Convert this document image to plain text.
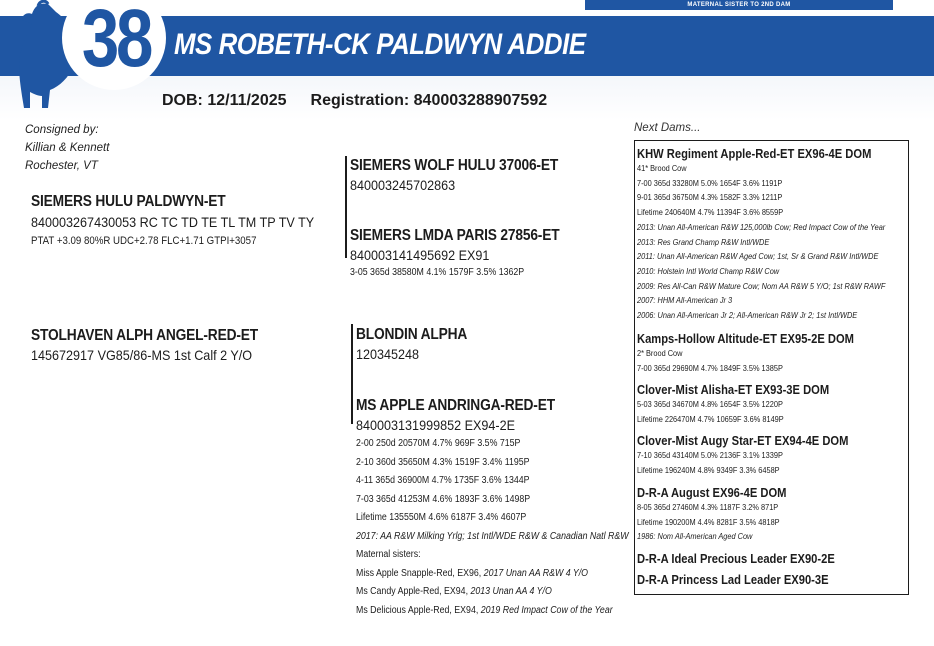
MATERNAL SISTER TO 2ND DAM
38 MS ROBETH-CK PALDWYN ADDIE
DOB: 12/11/2025 Registration: 840003288907592
Consigned by:
Killian & Kennett
Rochester, VT
SIEMERS HULU PALDWYN-ET
840003267430053 RC TC TD TE TL TM TP TV TY
PTAT +3.09 80%R UDC+2.78 FLC+1.71 GTPI+3057
SIEMERS WOLF HULU 37006-ET
840003245702863
SIEMERS LMDA PARIS 27856-ET
840003141495692 EX91
3-05 365d 38580M 4.1% 1579F 3.5% 1362P
STOLHAVEN ALPH ANGEL-RED-ET
145672917 VG85/86-MS 1st Calf 2 Y/O
BLONDIN ALPHA
120345248
MS APPLE ANDRINGA-RED-ET
840003131999852 EX94-2E
2-00 250d 20570M 4.7% 969F 3.5% 715P
2-10 360d 35650M 4.3% 1519F 3.4% 1195P
4-11 365d 36900M 4.7% 1735F 3.6% 1344P
7-03 365d 41253M 4.6% 1893F 3.6% 1498P
Lifetime 135550M 4.6% 6187F 3.4% 4607P
2017: AA R&W Milking Yrlg; 1st Intl/WDE R&W & Canadian Natl R&W
Maternal sisters:
Miss Apple Snapple-Red, EX96, 2017 Unan AA R&W 4 Y/O
Ms Candy Apple-Red, EX94, 2013 Unan AA 4 Y/O
Ms Delicious Apple-Red, EX94, 2019 Red Impact Cow of the Year
Next Dams...
KHW Regiment Apple-Red-ET EX96-4E DOM
41* Brood Cow
7-00 365d 33280M 5.0% 1654F 3.6% 1191P
9-01 365d 36750M 4.3% 1582F 3.3% 1211P
Lifetime 240640M 4.7% 11394F 3.6% 8559P
2013: Unan All-American R&W 125,000lb Cow; Red Impact Cow of the Year
2013: Res Grand Champ R&W Intl/WDE
2011: Unan All-American R&W Aged Cow; 1st, Sr & Grand R&W Intl/WDE
2010: Holstein Intl World Champ R&W Cow
2009: Res All-Can R&W Mature Cow; Nom AA R&W 5 Y/O; 1st R&W RAWF
2007: HHM All-American Jr 3
2006: Unan All-American Jr 2; All-American R&W Jr 2; 1st Intl/WDE
Kamps-Hollow Altitude-ET EX95-2E DOM
2* Brood Cow
7-00 365d 29690M 4.7% 1849F 3.5% 1385P
Clover-Mist Alisha-ET EX93-3E DOM
5-03 365d 34670M 4.8% 1654F 3.5% 1220P
Lifetime 226470M 4.7% 10659F 3.6% 8149P
Clover-Mist Augy Star-ET EX94-4E DOM
7-10 365d 43140M 5.0% 2136F 3.1% 1339P
Lifetime 196240M 4.8% 9349F 3.3% 6458P
D-R-A August EX96-4E DOM
8-05 365d 27460M 4.3% 1187F 3.2% 871P
Lifetime 190200M 4.4% 8281F 3.5% 4818P
1986: Nom All-American Aged Cow
D-R-A Ideal Precious Leader EX90-2E
D-R-A Princess Lad Leader EX90-3E
